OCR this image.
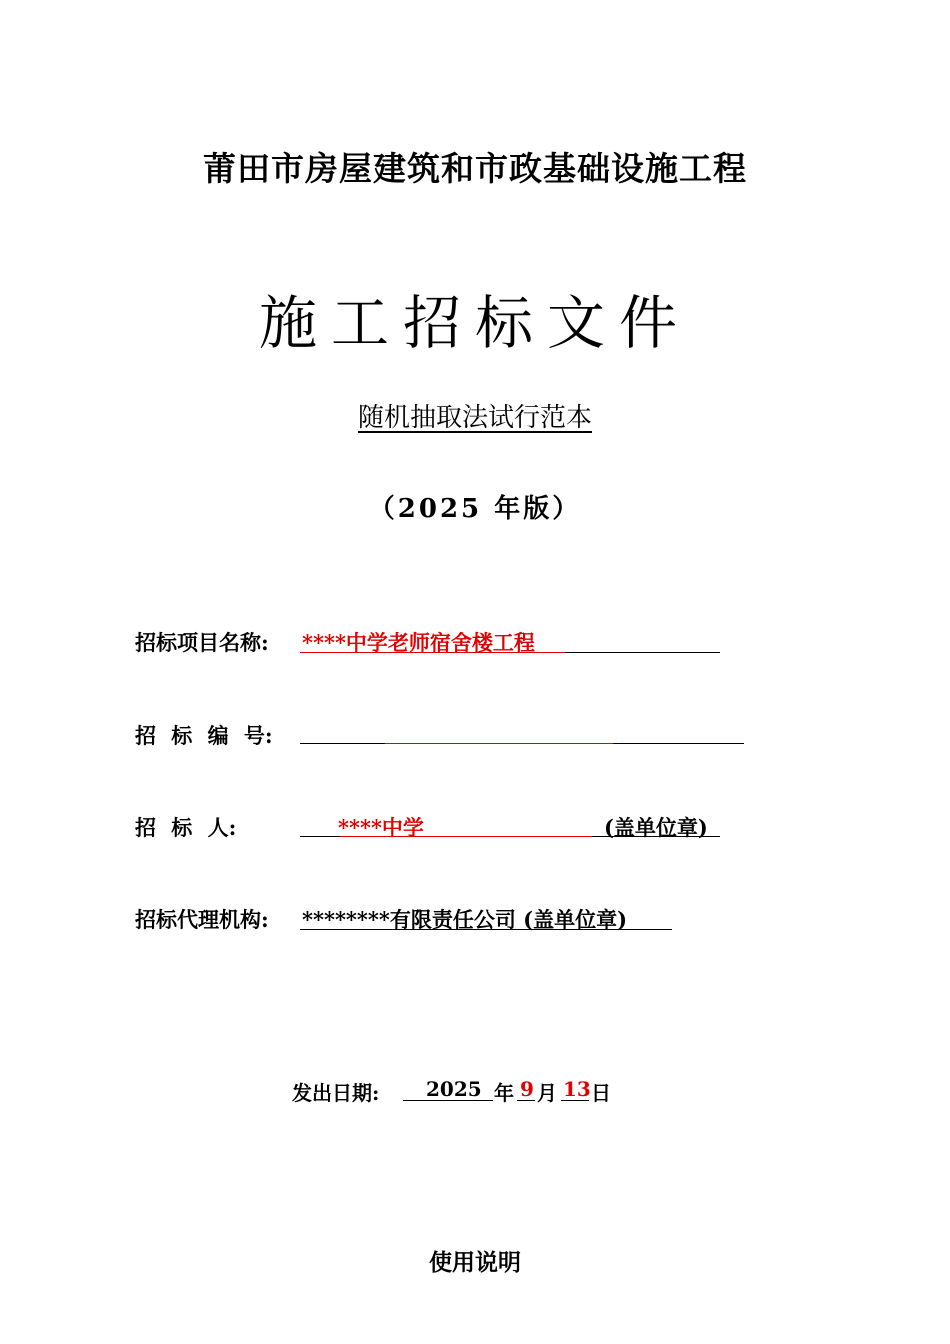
莆田市房屋建筑和市政基础设施工程
施工招标文件
随机抽取法试行范本
（2025 年版）
招标项目名称: ****中学老师宿舍楼工程
招 标 编 号:
招 标 人:	****中学	(盖单位章)
招标代理机构: ********有限责任公司 (盖单位章)
发出日期: 2025 年 9 月 13 日
使用说明
